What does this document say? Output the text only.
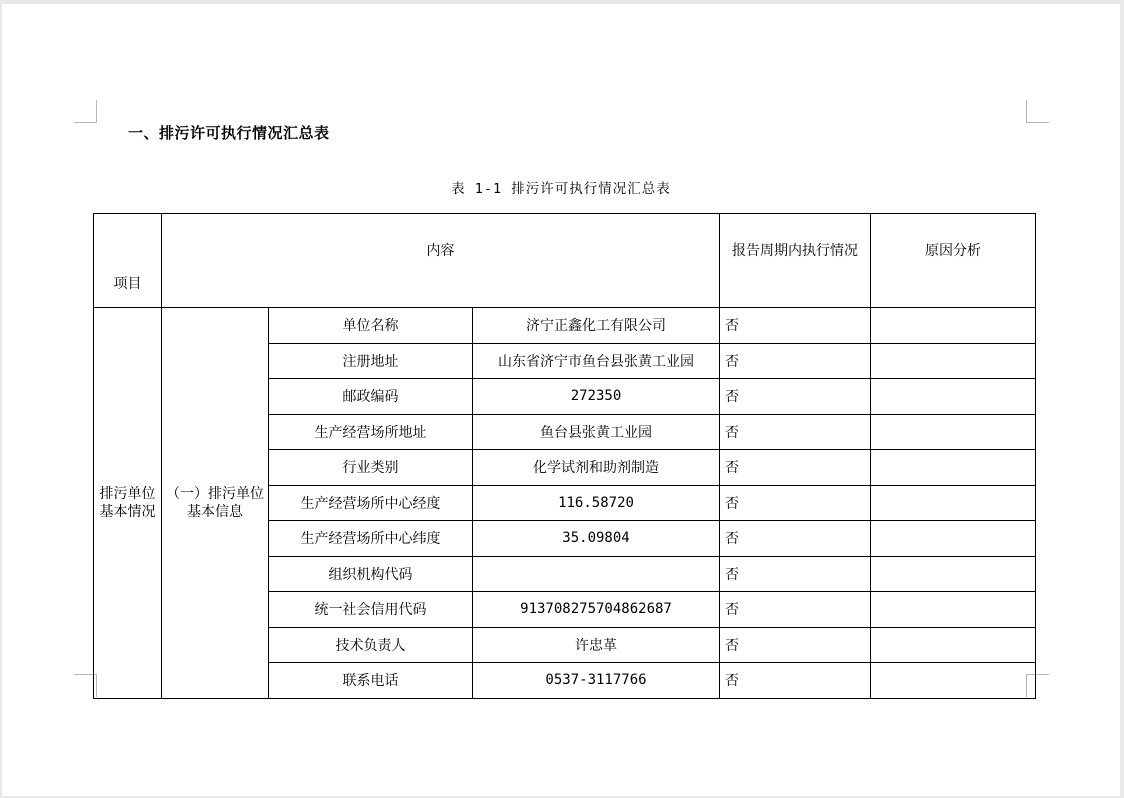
一、排污许可执行情况汇总表
表 1-1 排污许可执行情况汇总表
项目	内容			报告周期内执行情况	原因分析
排污单位基本情况	（一）排污单位基本信息	单位名称	济宁正鑫化工有限公司	否	
		注册地址	山东省济宁市鱼台县张黄工业园	否	
		邮政编码	272350	否	
		生产经营场所地址	鱼台县张黄工业园	否	
		行业类别	化学试剂和助剂制造	否	
		生产经营场所中心经度	116.58720	否	
		生产经营场所中心纬度	35.09804	否	
		组织机构代码		否	
		统一社会信用代码	913708275704862687	否	
		技术负责人	许忠革	否	
		联系电话	0537-3117766	否	
